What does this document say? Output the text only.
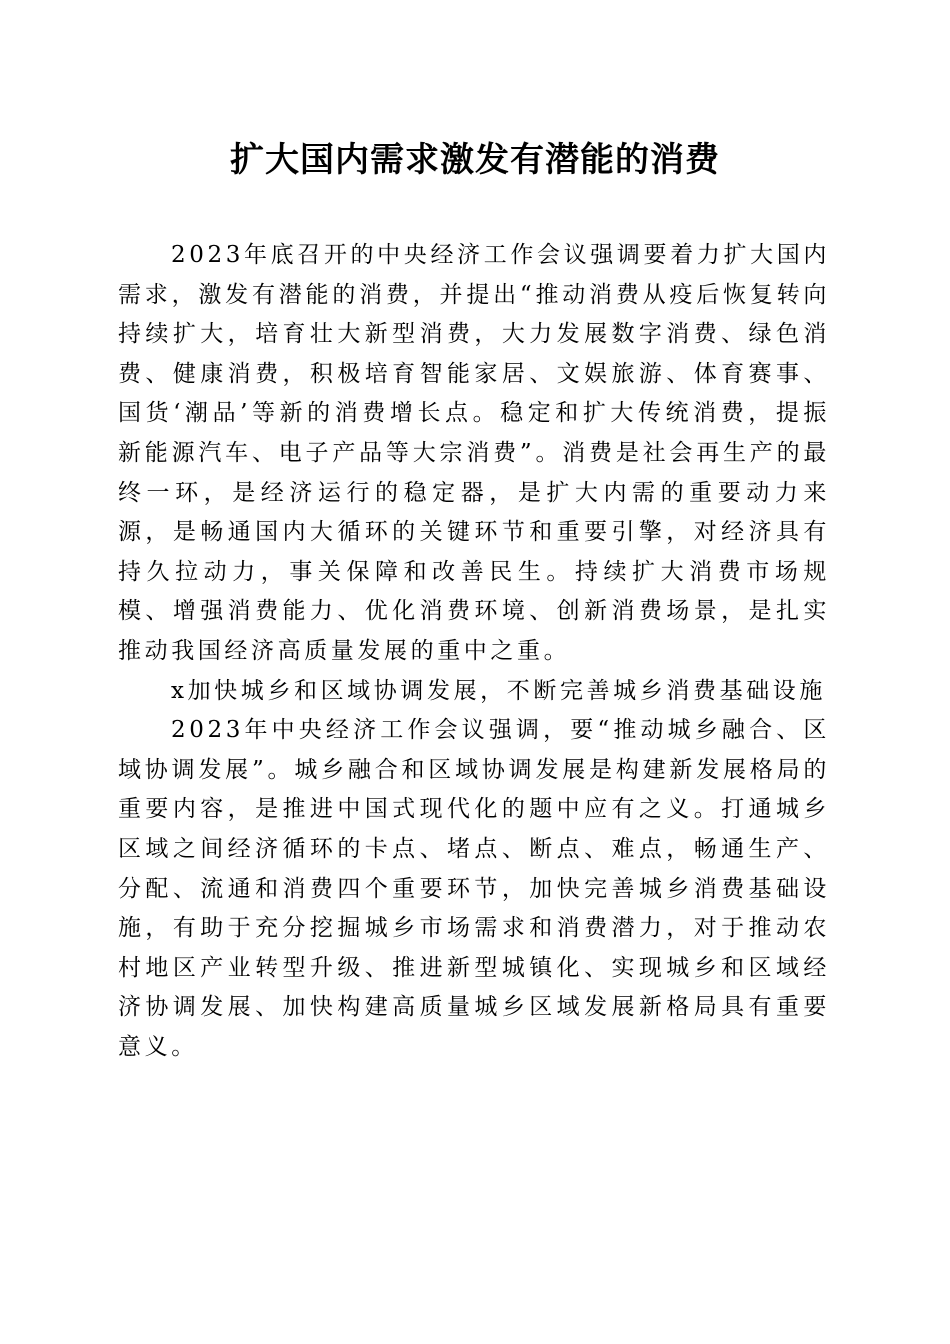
扩大国内需求激发有潜能的消费

2023年底召开的中央经济工作会议强调要着力扩大国内需求，激发有潜能的消费，并提出“推动消费从疫后恢复转向持续扩大，培育壮大新型消费，大力发展数字消费、绿色消费、健康消费，积极培育智能家居、文娱旅游、体育赛事、国货‘潮品’等新的消费增长点。稳定和扩大传统消费，提振新能源汽车、电子产品等大宗消费”。消费是社会再生产的最终一环，是经济运行的稳定器，是扩大内需的重要动力来源，是畅通国内大循环的关键环节和重要引擎，对经济具有持久拉动力，事关保障和改善民生。持续扩大消费市场规模、增强消费能力、优化消费环境、创新消费场景，是扎实推动我国经济高质量发展的重中之重。

x加快城乡和区域协调发展，不断完善城乡消费基础设施

2023年中央经济工作会议强调，要“推动城乡融合、区域协调发展”。城乡融合和区域协调发展是构建新发展格局的重要内容，是推进中国式现代化的题中应有之义。打通城乡区域之间经济循环的卡点、堵点、断点、难点，畅通生产、分配、流通和消费四个重要环节，加快完善城乡消费基础设施，有助于充分挖掘城乡市场需求和消费潜力，对于推动农村地区产业转型升级、推进新型城镇化、实现城乡和区域经济协调发展、加快构建高质量城乡区域发展新格局具有重要意义。
